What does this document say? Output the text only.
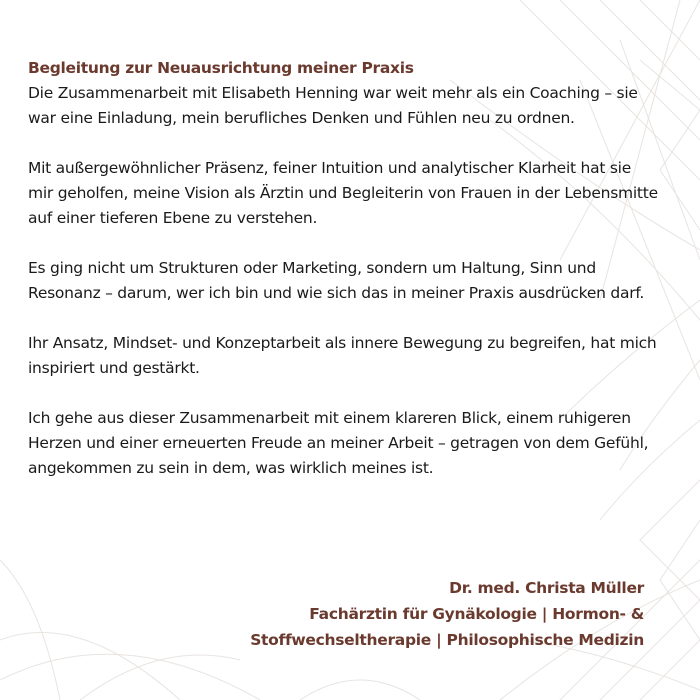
Begleitung zur Neuausrichtung meiner Praxis

Die Zusammenarbeit mit Elisabeth Henning war weit mehr als ein Coaching – sie war eine Einladung, mein berufliches Denken und Fühlen neu zu ordnen.

Mit außergewöhnlicher Präsenz, feiner Intuition und analytischer Klarheit hat sie mir geholfen, meine Vision als Ärztin und Begleiterin von Frauen in der Lebensmitte auf einer tieferen Ebene zu verstehen.

Es ging nicht um Strukturen oder Marketing, sondern um Haltung, Sinn und Resonanz – darum, wer ich bin und wie sich das in meiner Praxis ausdrücken darf.

Ihr Ansatz, Mindset- und Konzeptarbeit als innere Bewegung zu begreifen, hat mich inspiriert und gestärkt.

Ich gehe aus dieser Zusammenarbeit mit einem klareren Blick, einem ruhigeren Herzen und einer erneuerten Freude an meiner Arbeit – getragen von dem Gefühl, angekommen zu sein in dem, was wirklich meines ist.

Dr. med. Christa Müller

Fachärztin für Gynäkologie | Hormon- &

Stoffwechseltherapie | Philosophische Medizin
